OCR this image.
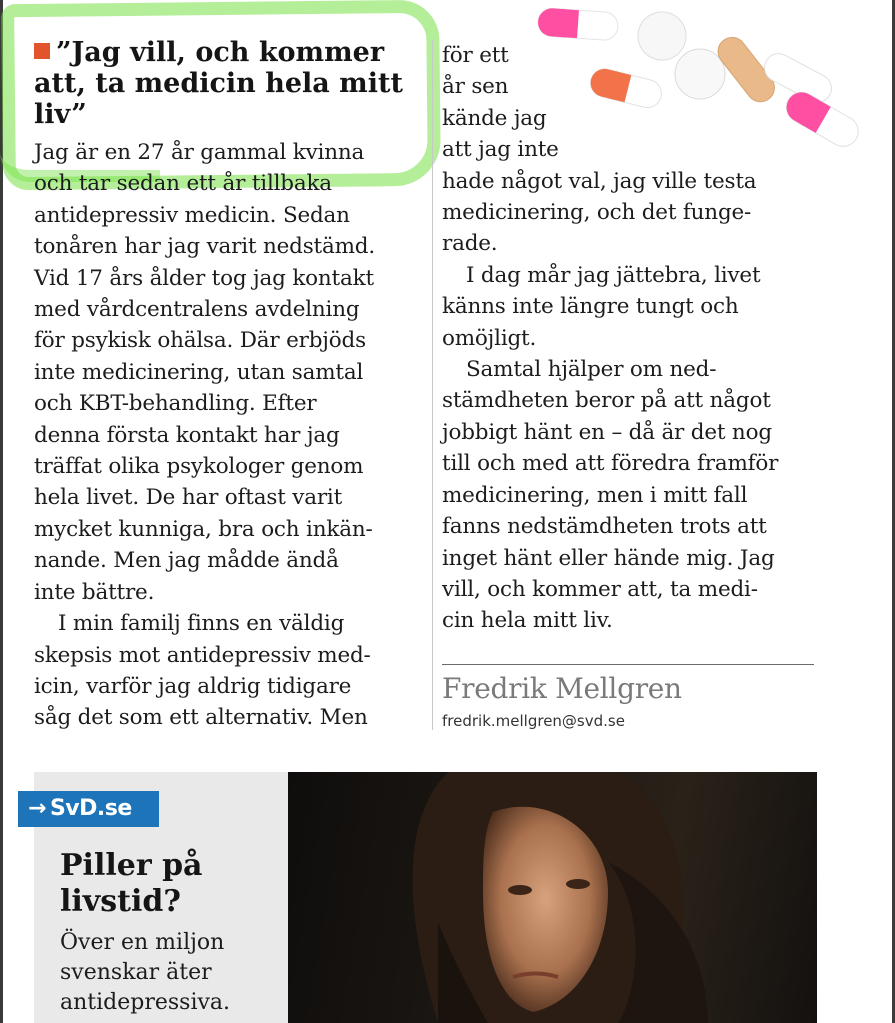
”Jag vill, och kommer att, ta medicin hela mitt liv”

Jag är en 27 år gammal kvinna

och tar sedan ett år tillbaka

antidepressiv medicin. Sedan

tonåren har jag varit nedstämd.

Vid 17 års ålder tog jag kontakt

med vårdcentralens avdelning

för psykisk ohälsa. Där erbjöds

inte medicinering, utan samtal

och KBT-behandling. Efter

denna första kontakt har jag

träffat olika psykologer genom

hela livet. De har oftast varit

mycket kunniga, bra och inkän-

nande. Men jag mådde ändå

inte bättre.

I min familj finns en väldig

skepsis mot antidepressiv med-

icin, varför jag aldrig tidigare

såg det som ett alternativ. Men

för ett

år sen

kände jag

att jag inte

hade något val, jag ville testa

medicinering, och det funge-

rade.

I dag mår jag jättebra, livet

känns inte längre tungt och

omöjligt.

Samtal hjälper om ned-

stämdheten beror på att något

jobbigt hänt en – då är det nog

till och med att föredra framför

medicinering, men i mitt fall

fanns nedstämdheten trots att

inget hänt eller hände mig. Jag

vill, och kommer att, ta medi-

cin hela mitt liv.

Fredrik Mellgren
fredrik.mellgren@svd.se
→ SvD.se
Piller på livstid?
Över en miljon svenskar äter antidepressiva.
